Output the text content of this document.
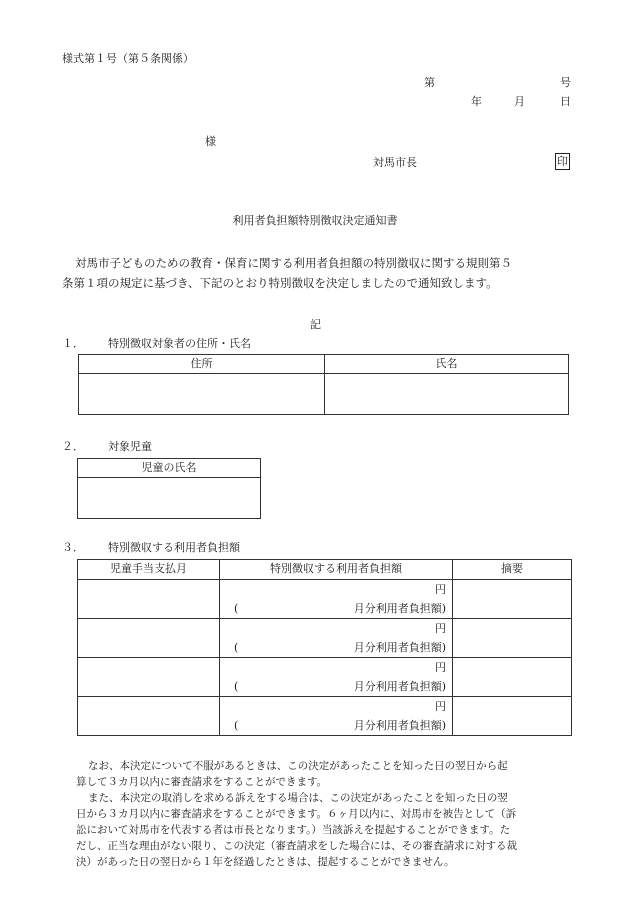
様式第１号（第５条関係）
第	号
年	月	日
様
対馬市長	印
利用者負担額特別徴収決定通知書
対馬市子どものための教育・保育に関する利用者負担額の特別徴収に関する規則第５
条第１項の規定に基づき、下記のとおり特別徴収を決定しましたので通知致します。
記
１． 特別徴収対象者の住所・氏名
住所	氏名

２． 対象児童
児童の氏名

３． 特別徴収する利用者負担額
児童手当支払月	特別徴収する利用者負担額	摘要

	円
( 月分利用者負担額)	

	円
( 月分利用者負担額)	

	円
( 月分利用者負担額)	

	円
( 月分利用者負担額)	

なお、本決定について不服があるときは、この決定があったことを知った日の翌日から起
算して３カ月以内に審査請求をすることができます。
また、本決定の取消しを求める訴えをする場合は、この決定があったことを知った日の翌
日から３カ月以内に審査請求をすることができます。６ヶ月以内に、対馬市を被告として（訴
訟において対馬市を代表する者は市長となります。）当該訴えを提起することができます。た
だし、正当な理由がない限り、この決定（審査請求をした場合には、その審査請求に対する裁
決）があった日の翌日から１年を経過したときは、提起することができません。
